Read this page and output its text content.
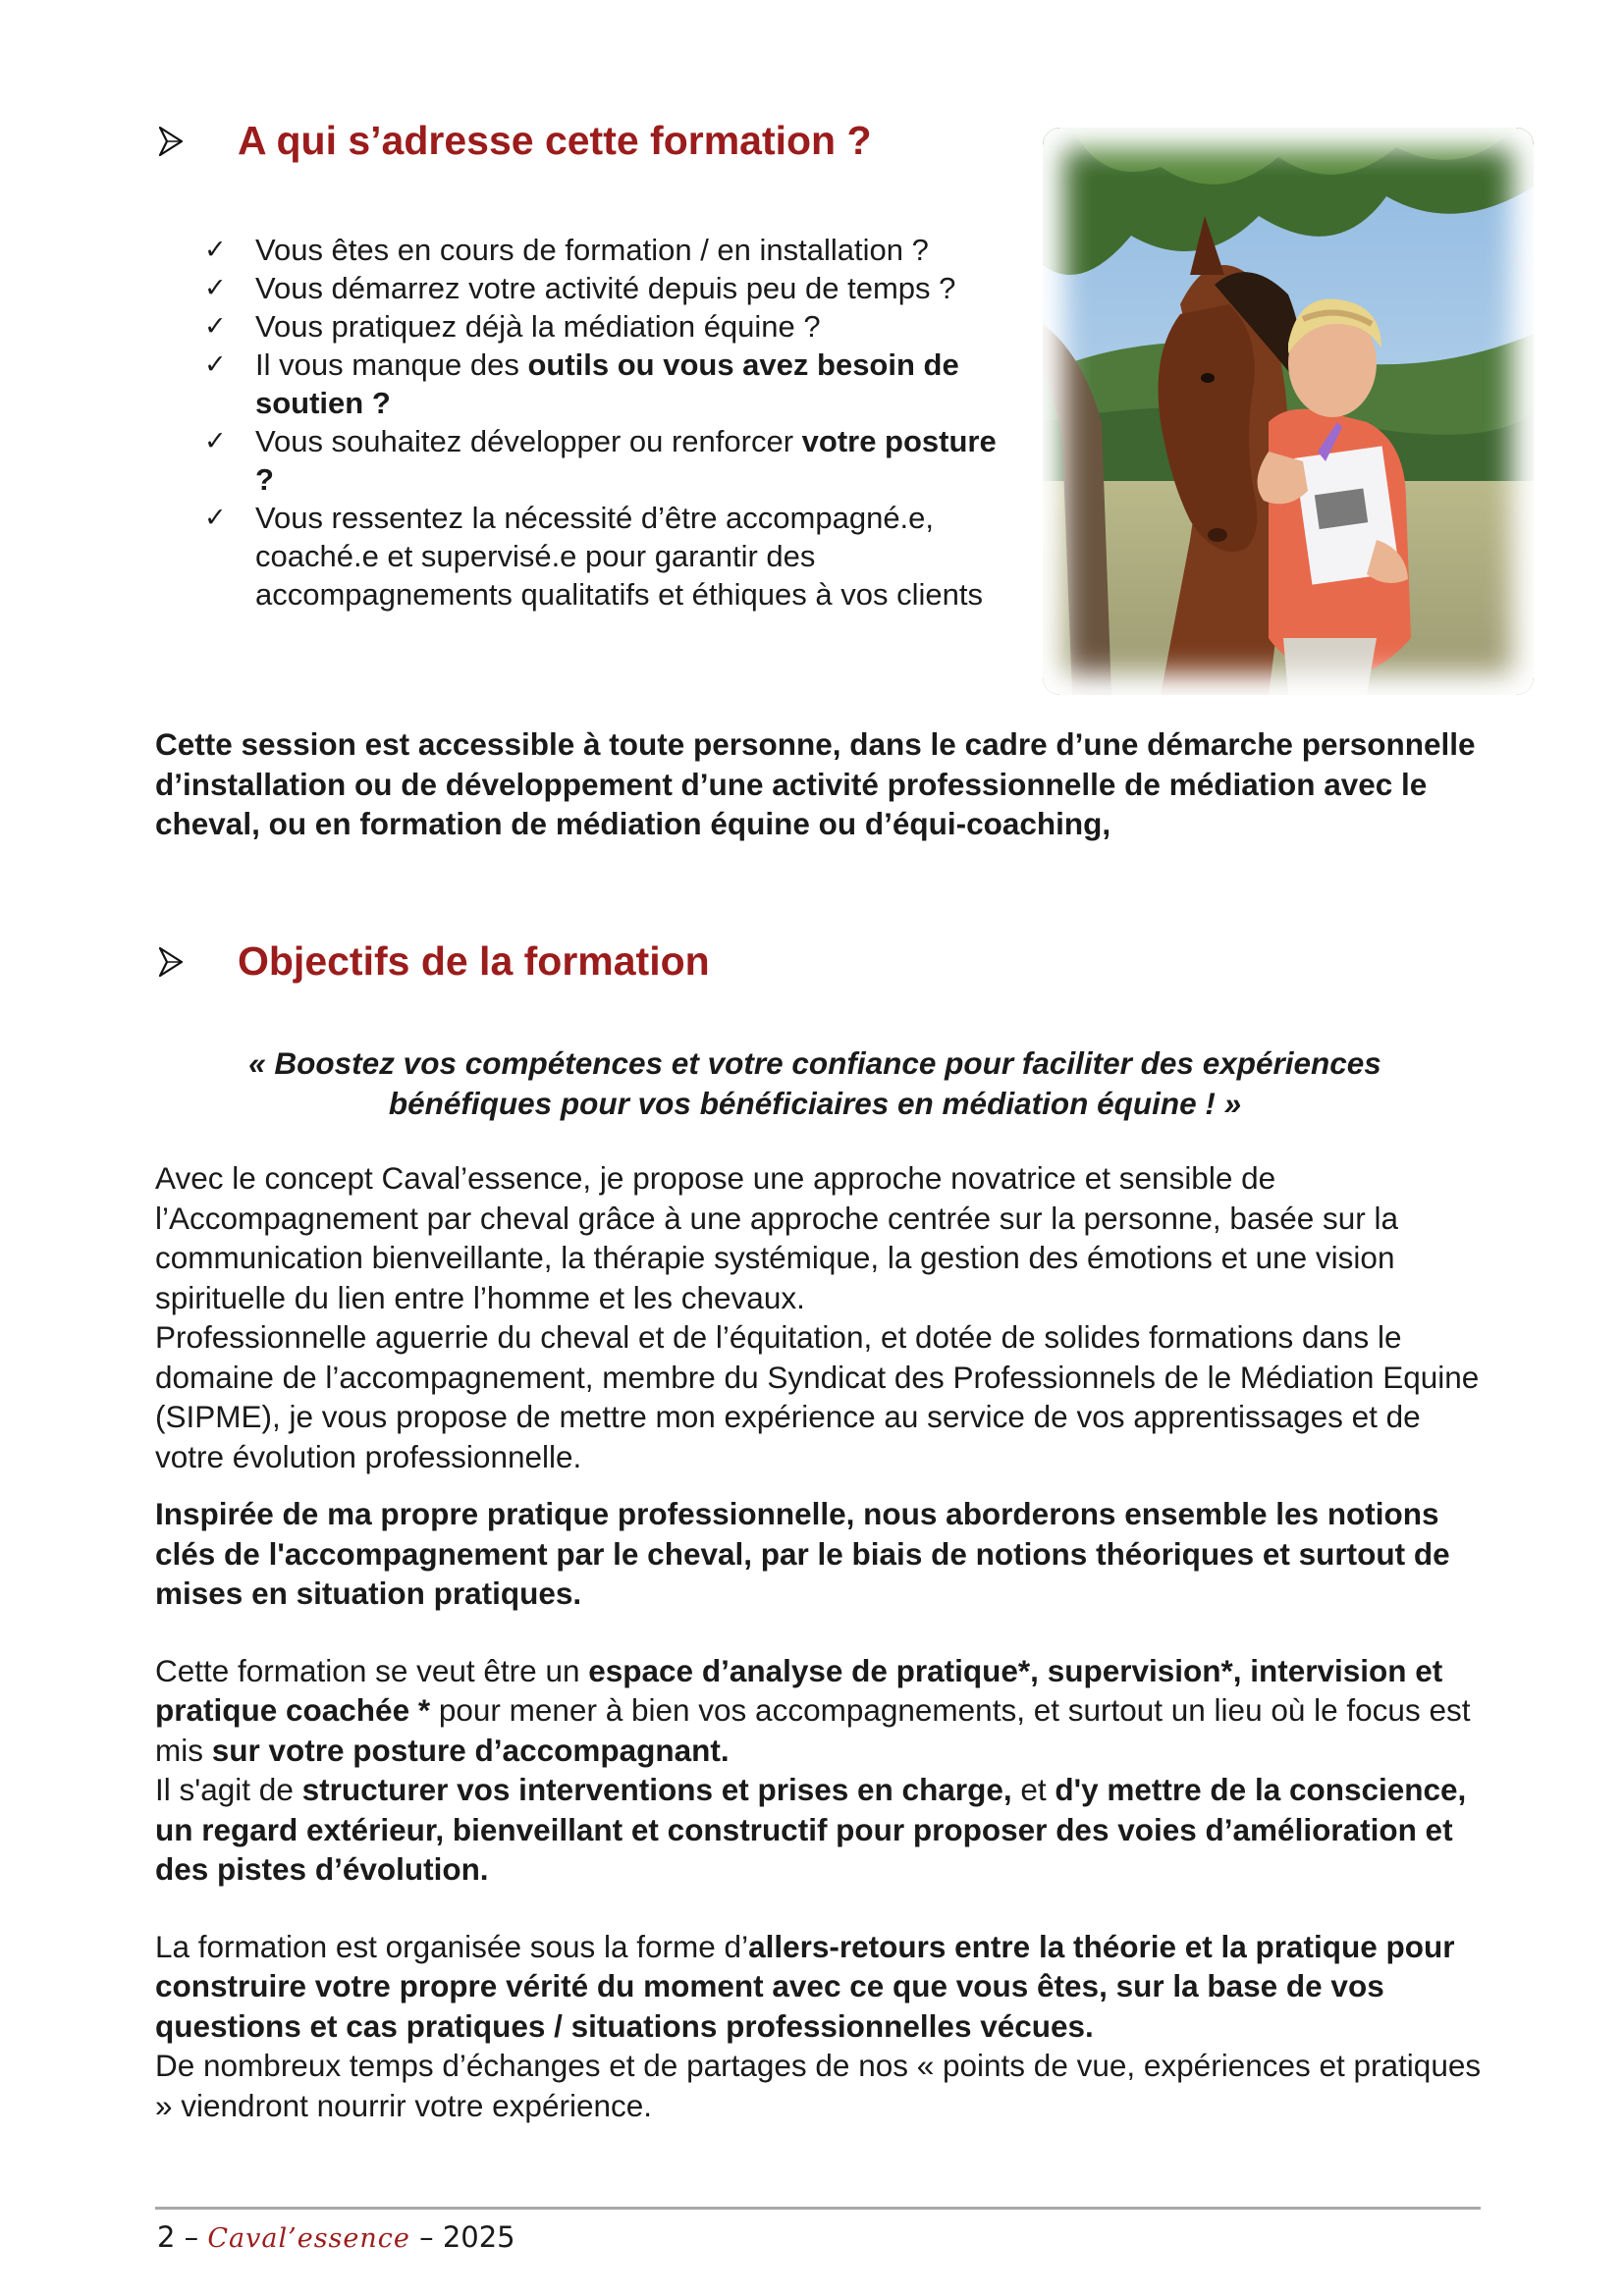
A qui s’adresse cette formation ?
✓ Vous êtes en cours de formation / en installation ?
✓ Vous démarrez votre activité depuis peu de temps ?
✓ Vous pratiquez déjà la médiation équine ?
✓ Il vous manque des outils ou vous avez besoin de soutien ?
✓ Vous souhaitez développer ou renforcer votre posture ?
✓ Vous ressentez la nécessité d’être accompagné.e, coaché.e et supervisé.e pour garantir des accompagnements qualitatifs et éthiques à vos clients
Cette session est accessible à toute personne, dans le cadre d’une démarche personnelle d’installation ou de développement d’une activité professionnelle de médiation avec le cheval, ou en formation de médiation équine ou d’équi-coaching,
Objectifs de la formation
« Boostez vos compétences et votre confiance pour faciliter des expériences bénéfiques pour vos bénéficiaires en médiation équine ! »
Avec le concept Caval’essence, je propose une approche novatrice et sensible de l’Accompagnement par cheval grâce à une approche centrée sur la personne, basée sur la communication bienveillante, la thérapie systémique, la gestion des émotions et une vision spirituelle du lien entre l’homme et les chevaux.
Professionnelle aguerrie du cheval et de l’équitation, et dotée de solides formations dans le domaine de l’accompagnement, membre du Syndicat des Professionnels de le Médiation Equine (SIPME), je vous propose de mettre mon expérience au service de vos apprentissages et de votre évolution professionnelle.
Inspirée de ma propre pratique professionnelle, nous aborderons ensemble les notions clés de l'accompagnement par le cheval, par le biais de notions théoriques et surtout de mises en situation pratiques.
Cette formation se veut être un espace d’analyse de pratique*, supervision*, intervision et pratique coachée * pour mener à bien vos accompagnements, et surtout un lieu où le focus est mis sur votre posture d’accompagnant.
Il s'agit de structurer vos interventions et prises en charge, et d'y mettre de la conscience, un regard extérieur, bienveillant et constructif pour proposer des voies d’amélioration et des pistes d’évolution.
La formation est organisée sous la forme d’allers-retours entre la théorie et la pratique pour construire votre propre vérité du moment avec ce que vous êtes, sur la base de vos questions et cas pratiques / situations professionnelles vécues.
De nombreux temps d’échanges et de partages de nos « points de vue, expériences et pratiques » viendront nourrir votre expérience.
2 – Caval’essence – 2025
